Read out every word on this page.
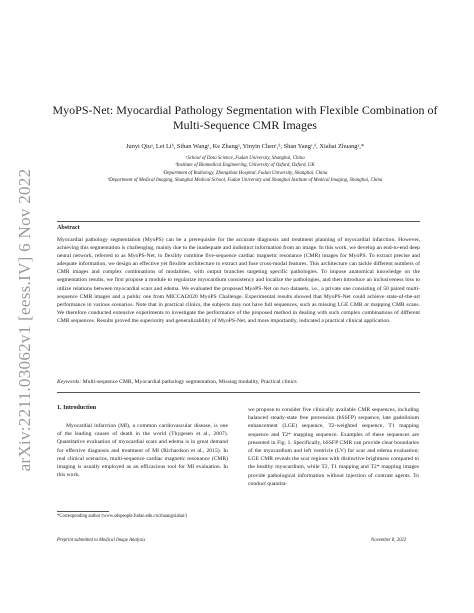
arXiv:2211.03062v1 [eess.IV] 6 Nov 2022
MyoPS-Net: Myocardial Pathology Segmentation with Flexible Combination of
Multi-Sequence CMR Images
Junyi Qiuᵃ, Lei Liᵇ, Sihan Wangᵃ, Ke Zhangᵃ, Yinyin Chenᶜ,ᵈ, Shan Yangᶜ,ᵈ, Xiahai Zhuangᵃ,*
ᵃSchool of Data Science, Fudan University, Shanghai, China
ᵇInstitute of Biomedical Engineering, University of Oxford, Oxford, UK
ᶜDepartment of Radiology, Zhongshan Hospital, Fudan University, Shanghai, China
ᵈDepartment of Medical Imaging, Shanghai Medical School, Fudan University and Shanghai Institute of Medical Imaging, Shanghai, China
Abstract
Myocardial pathology segmentation (MyoPS) can be a prerequisite for the accurate diagnosis and treatment planning of myocardial infarction. However, achieving this segmentation is challenging, mainly due to the inadequate and indistinct information from an image. In this work, we develop an end-to-end deep neural network, referred to as MyoPS-Net, to flexibly combine five-sequence cardiac magnetic resonance (CMR) images for MyoPS. To extract precise and adequate information, we design an effective yet flexible architecture to extract and fuse cross-modal features. This architecture can tackle different numbers of CMR images and complex combinations of modalities, with output branches targeting specific pathologies. To impose anatomical knowledge on the segmentation results, we first propose a module to regularize myocardium consistency and localize the pathologies, and then introduce an inclusiveness loss to utilize relations between myocardial scars and edema. We evaluated the proposed MyoPS-Net on two datasets, i.e., a private one consisting of 50 paired multi-sequence CMR images and a public one from MICCAI2020 MyoPS Challenge. Experimental results showed that MyoPS-Net could achieve state-of-the-art performance in various scenarios. Note that in practical clinics, the subjects may not have full sequences, such as missing LGE CMR or mapping CMR scans. We therefore conducted extensive experiments to investigate the performance of the proposed method in dealing with such complex combinations of different CMR sequences. Results proved the superiority and generalizability of MyoPS-Net, and more importantly, indicated a practical clinical application.
Keywords: Multi-sequence CMR, Myocardial pathology segmentation, Missing modality, Practical clinics
1. Introduction

Myocardial infarction (MI), a common cardiovascular disease, is one of the leading causes of death in the world (Thygesen et al., 2007). Quantitative evaluation of myocardial scars and edema is in great demand for effective diagnosis and treatment of MI (Richardson et al., 2015). In real clinical scenarios, multi-sequence cardiac magnetic resonance (CMR) imaging is usually employed as an efficacious tool for MI evaluation. In this work,

we propose to consider five clinically available CMR sequences, including balanced steady-state free precession (bSSFP) sequence, late gadolinium enhancement (LGE) sequence, T2-weighted sequence, T1 mapping sequence and T2* mapping sequence. Examples of these sequences are presented in Fig. 1. Specifically, bSSFP CMR can provide clear boundaries of the myocardium and left ventricle (LV) for scar and edema evaluation; LGE CMR reveals the scar regions with distinctive brightness compared to the healthy myocardium, while T2, T1 mapping and T2* mapping images provide pathological information without injection of contrast agents. To conduct quantita-

*Corresponding author (www.sdspeople.fudan.edu.cn/zhuangxiahai/)
Preprint submitted to Medical Image Analysis	November 8, 2022
